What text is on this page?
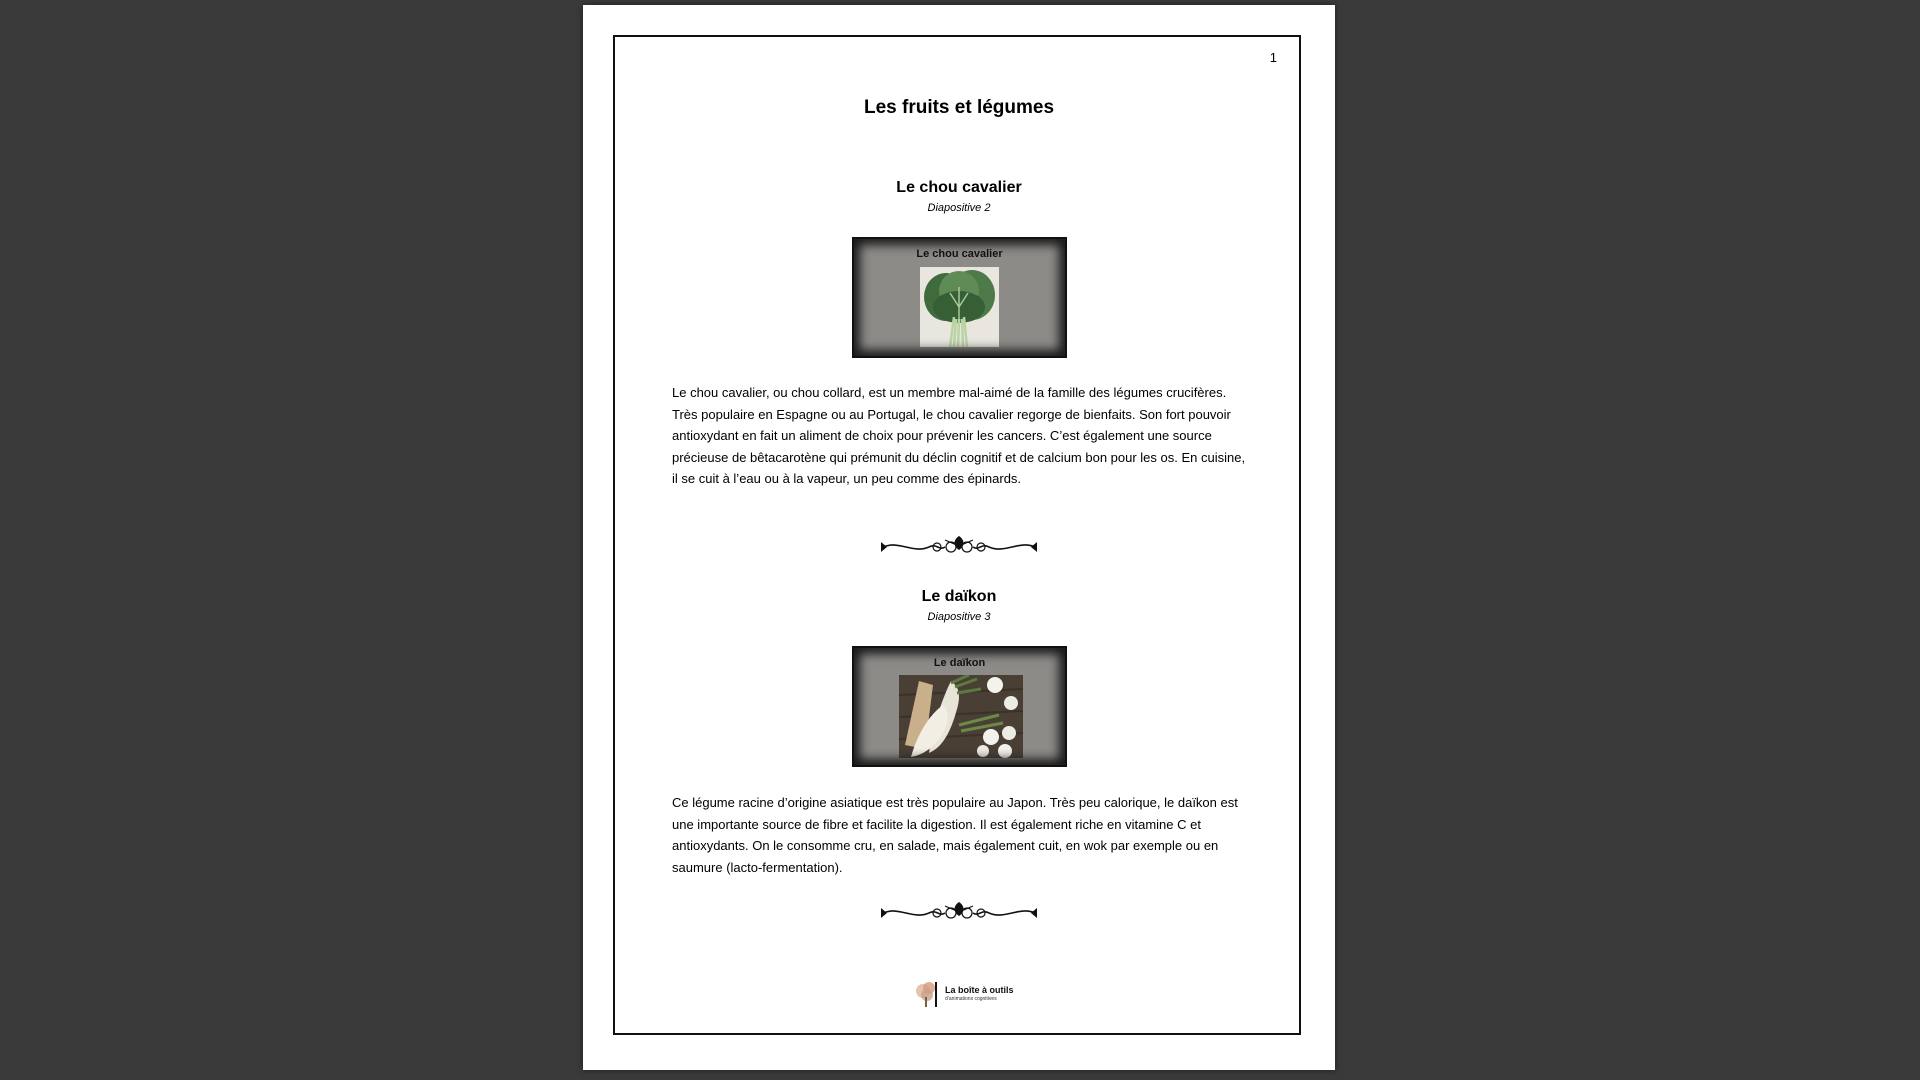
1
Les fruits et légumes
Le chou cavalier
Diapositive 2
Le chou cavalier

Le chou cavalier, ou chou collard, est un membre mal-aimé de la famille des légumes crucifères. Très populaire en Espagne ou au Portugal, le chou cavalier regorge de bienfaits. Son fort pouvoir antioxydant en fait un aliment de choix pour prévenir les cancers. C’est également une source précieuse de bêtacarotène qui prémunit du déclin cognitif et de calcium bon pour les os. En cuisine, il se cuit à l’eau ou à la vapeur, un peu comme des épinards.

Le daïkon
Diapositive 3
Le daïkon

Ce légume racine d’origine asiatique est très populaire au Japon. Très peu calorique, le daïkon est une importante source de fibre et facilite la digestion. Il est également riche en vitamine C et antioxydants. On le consomme cru, en salade, mais également cuit, en wok par exemple ou en saumure (lacto-fermentation).

La boîte à outils
d’animations cognitives
